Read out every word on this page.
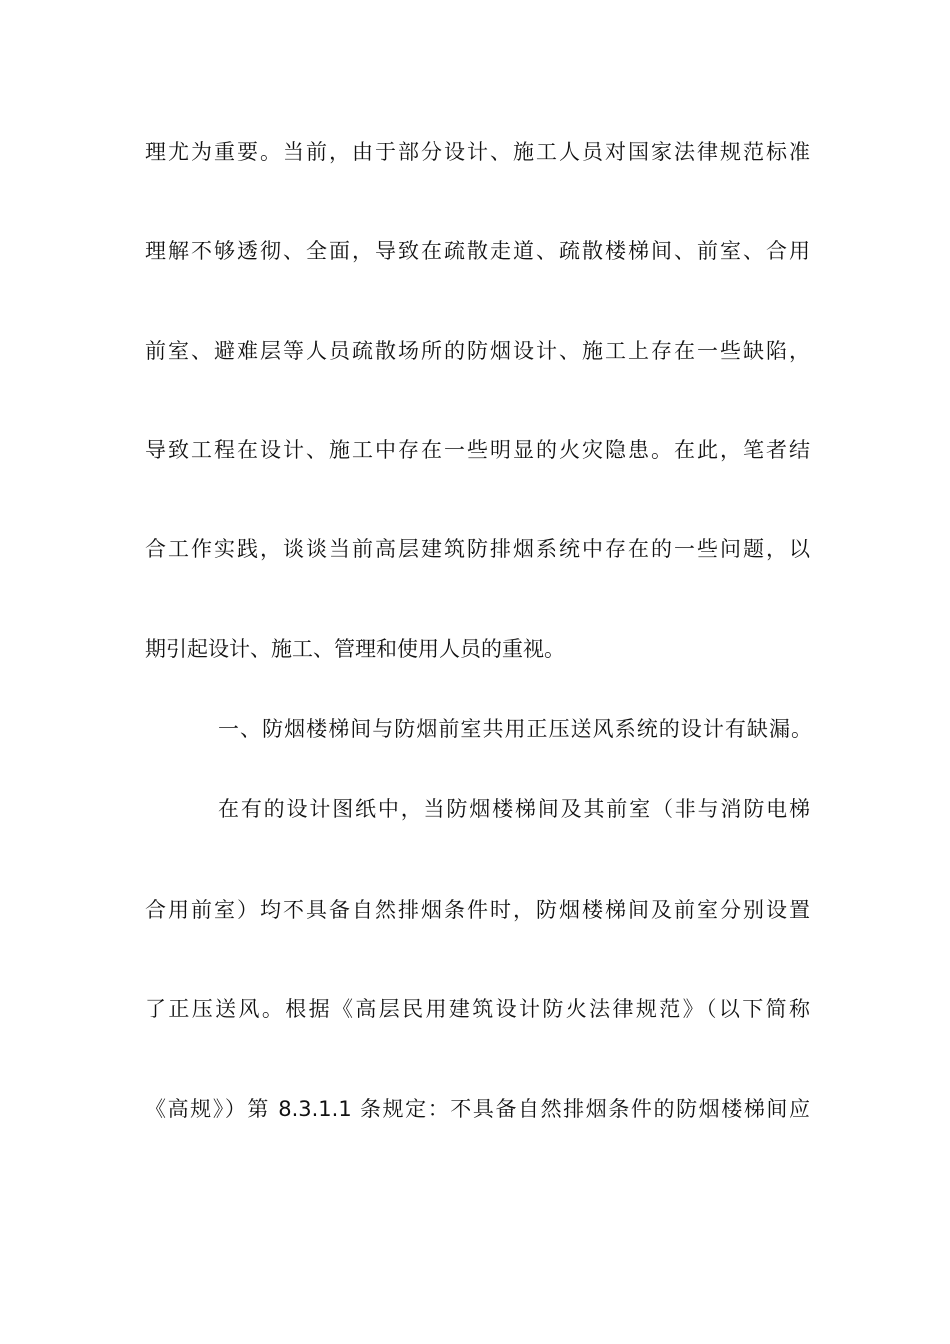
理尤为重要。当前，由于部分设计、施工人员对国家法律规范标准
理解不够透彻、全面，导致在疏散走道、疏散楼梯间、前室、合用
前室、避难层等人员疏散场所的防烟设计、施工上存在一些缺陷，
导致工程在设计、施工中存在一些明显的火灾隐患。在此，笔者结
合工作实践，谈谈当前高层建筑防排烟系统中存在的一些问题，以
期引起设计、施工、管理和使用人员的重视。
一、防烟楼梯间与防烟前室共用正压送风系统的设计有缺漏。
在有的设计图纸中，当防烟楼梯间及其前室（非与消防电梯
合用前室）均不具备自然排烟条件时，防烟楼梯间及前室分别设置
了正压送风。根据《高层民用建筑设计防火法律规范》（以下简称
《高规》）第 8.3.1.1 条规定：不具备自然排烟条件的防烟楼梯间应
